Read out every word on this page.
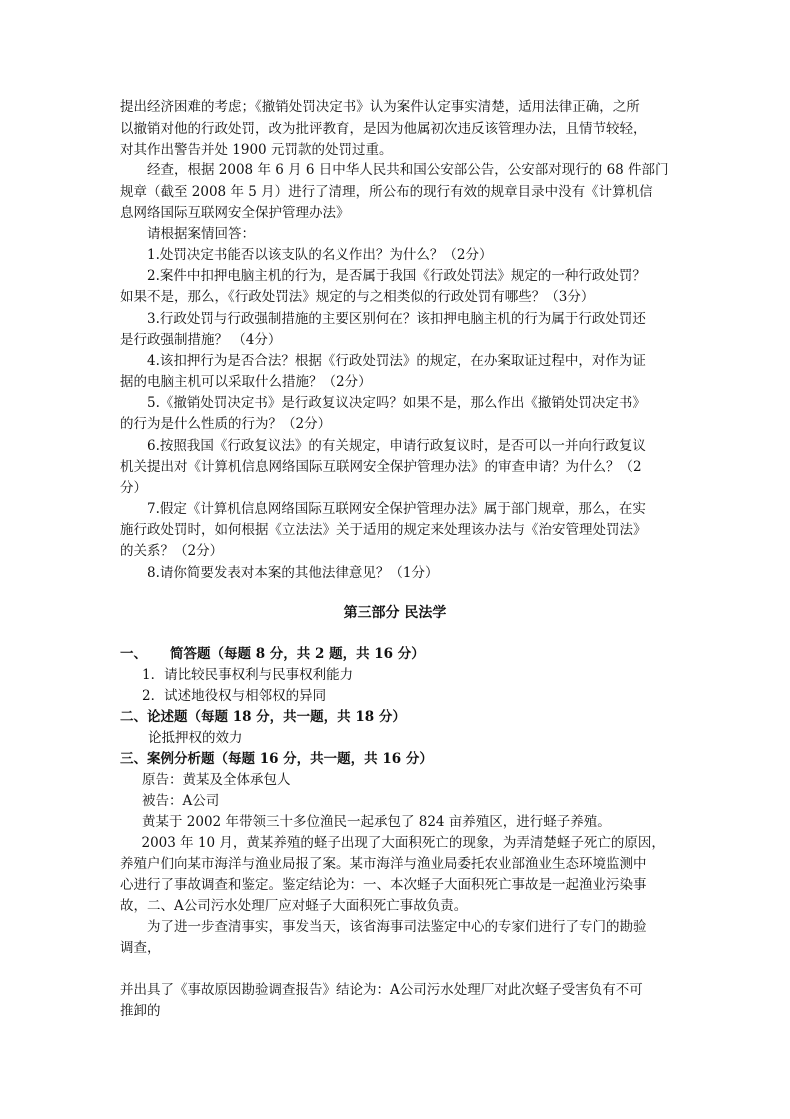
提出经济困难的考虑；《撤销处罚决定书》认为案件认定事实清楚，适用法律正确，之所
以撤销对他的行政处罚，改为批评教育，是因为他属初次违反该管理办法，且情节较轻，
对其作出警告并处 1900 元罚款的处罚过重。
　　经查，根据 2008 年 6 月 6 日中华人民共和国公安部公告，公安部对现行的 68 件部门
规章（截至 2008 年 5 月）进行了清理，所公布的现行有效的规章目录中没有《计算机信
息网络国际互联网安全保护管理办法》
　　请根据案情回答：
　　1.处罚决定书能否以该支队的名义作出？为什么？（2分）
　　2.案件中扣押电脑主机的行为，是否属于我国《行政处罚法》规定的一种行政处罚？
如果不是，那么，《行政处罚法》规定的与之相类似的行政处罚有哪些？（3分）
　　3.行政处罚与行政强制措施的主要区别何在？该扣押电脑主机的行为属于行政处罚还
是行政强制措施？ （4分）
　　4.该扣押行为是否合法？根据《行政处罚法》的规定，在办案取证过程中，对作为证
据的电脑主机可以采取什么措施？（2分）
　　5.《撤销处罚决定书》是行政复议决定吗？如果不是，那么作出《撤销处罚决定书》
的行为是什么性质的行为？（2分）
　　6.按照我国《行政复议法》的有关规定，申请行政复议时，是否可以一并向行政复议
机关提出对《计算机信息网络国际互联网安全保护管理办法》的审查申请？为什么？（2
分）
　　7.假定《计算机信息网络国际互联网安全保护管理办法》属于部门规章，那么，在实
施行政处罚时，如何根据《立法法》关于适用的规定来处理该办法与《治安管理处罚法》
的关系？（2分）
　　8.请你简要发表对本案的其他法律意见？（1分）
第三部分 民法学
一、	简答题（每题 8 分，共 2 题，共 16 分）
1．请比较民事权利与民事权利能力
2．试述地役权与相邻权的异同
二、论述题（每题 18 分，共一题，共 18 分）
论抵押权的效力
三、案例分析题（每题 16 分，共一题，共 16 分）
原告：黄某及全体承包人
被告：A公司
黄某于 2002 年带领三十多位渔民一起承包了 824 亩养殖区，进行蛏子养殖。
　2003 年 10 月，黄某养殖的蛏子出现了大面积死亡的现象，为弄清楚蛏子死亡的原因，
养殖户们向某市海洋与渔业局报了案。某市海洋与渔业局委托农业部渔业生态环境监测中
心进行了事故调查和鉴定。鉴定结论为：一、本次蛏子大面积死亡事故是一起渔业污染事
故，二、A公司污水处理厂应对蛏子大面积死亡事故负责。
　　为了进一步查清事实，事发当天，该省海事司法鉴定中心的专家们进行了专门的勘验
调查，
并出具了《事故原因勘验调查报告》结论为：A公司污水处理厂对此次蛏子受害负有不可
推卸的
